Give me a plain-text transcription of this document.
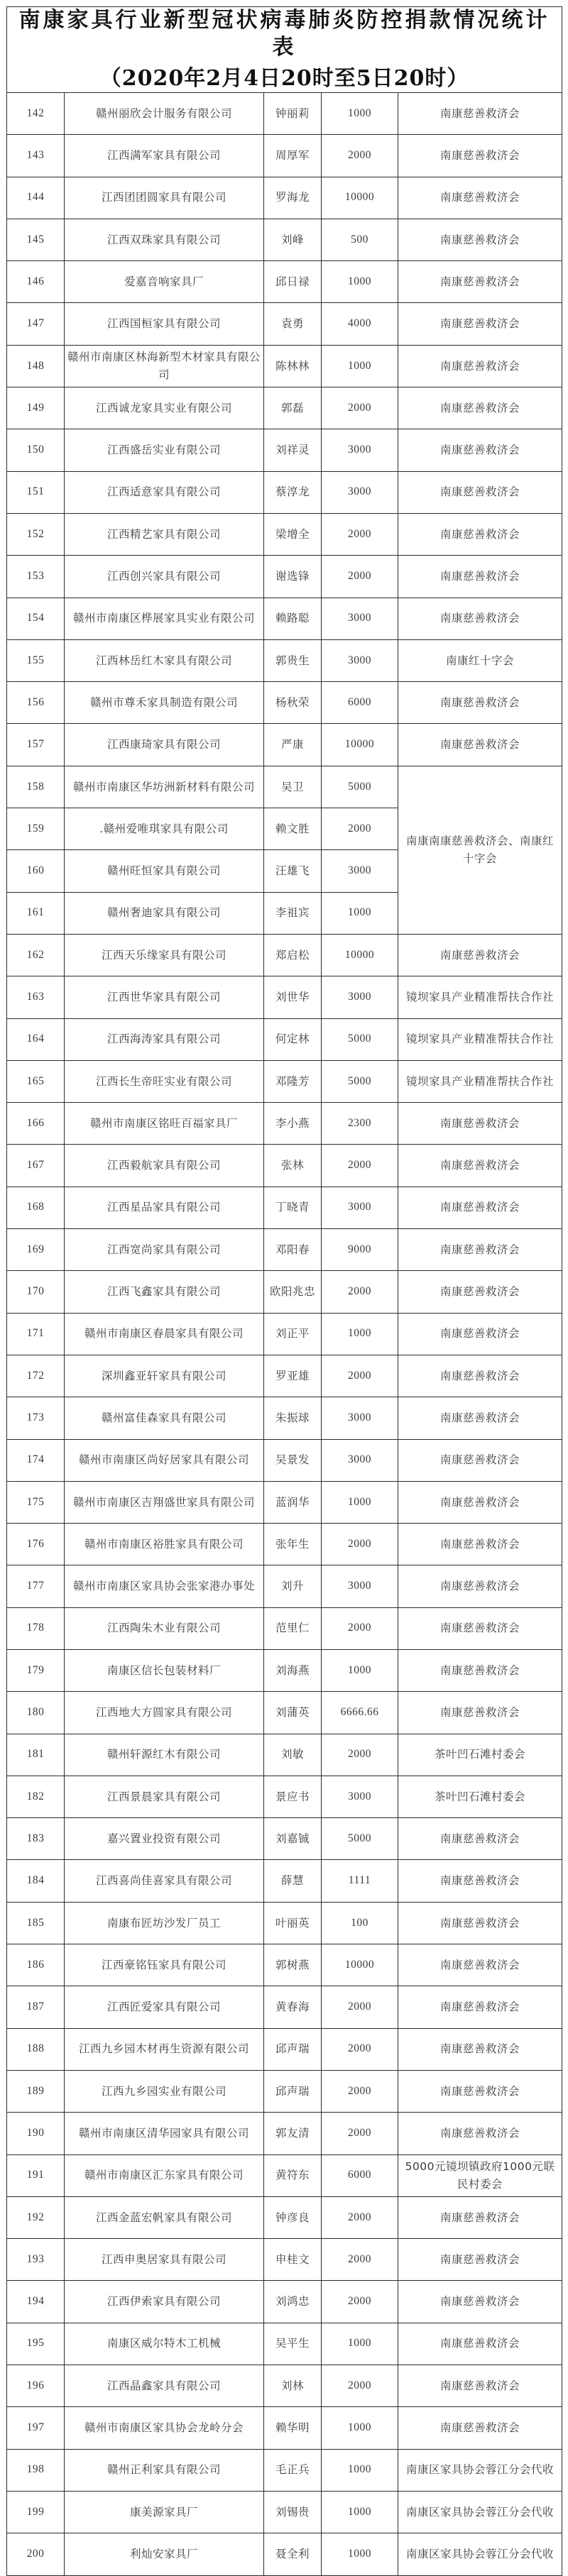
南康家具行业新型冠状病毒肺炎防控捐款情况统计表
（2020年2月4日20时至5日20时）				

142	赣州丽欣会计服务有限公司	钟丽莉	1000	南康慈善救济会
143	江西满军家具有限公司	周厚军	2000	南康慈善救济会
144	江西团团圆家具有限公司	罗海龙	10000	南康慈善救济会
145	江西双珠家具有限公司	刘峰	500	南康慈善救济会
146	爱嘉音响家具厂	邱日禄	1000	南康慈善救济会
147	江西国桓家具有限公司	袁勇	4000	南康慈善救济会
148	赣州市南康区林海新型木材家具有限公司	陈林林	1000	南康慈善救济会
149	江西诚龙家具实业有限公司	郭磊	2000	南康慈善救济会
150	江西盛岳实业有限公司	刘祥灵	3000	南康慈善救济会
151	江西适意家具有限公司	蔡淳龙	3000	南康慈善救济会
152	江西精艺家具有限公司	梁增全	2000	南康慈善救济会
153	江西创兴家具有限公司	谢选锋	2000	南康慈善救济会
154	赣州市南康区桦展家具实业有限公司	赖路聪	3000	南康慈善救济会
155	江西林岳红木家具有限公司	郭贵生	3000	南康红十字会
156	赣州市尊禾家具制造有限公司	杨秋荣	6000	南康慈善救济会
157	江西康琦家具有限公司	严康	10000	南康慈善救济会
158	赣州市南康区华坊洲新材料有限公司	吴卫	5000	南康南康慈善救济会、南康红十字会
159	.赣州爱唯琪家具有限公司	赖文胜	2000	
160	赣州旺恒家具有限公司	汪雄飞	3000	
161	赣州奢迪家具有限公司	李祖宾	1000	
162	江西天乐缘家具有限公司	郑启松	10000	南康慈善救济会
163	江西世华家具有限公司	刘世华	3000	镜坝家具产业精准帮扶合作社
164	江西海涛家具有限公司	何定林	5000	镜坝家具产业精准帮扶合作社
165	江西长生帝旺实业有限公司	邓隆芳	5000	镜坝家具产业精准帮扶合作社
166	赣州市南康区铭旺百福家具厂	李小燕	2300	南康慈善救济会
167	江西毅航家具有限公司	张林	2000	南康慈善救济会
168	江西星品家具有限公司	丁晓青	3000	南康慈善救济会
169	江西宽尚家具有限公司	邓阳春	9000	南康慈善救济会
170	江西飞鑫家具有限公司	欧阳兆忠	2000	南康慈善救济会
171	赣州市南康区春晨家具有限公司	刘正平	1000	南康慈善救济会
172	深圳鑫亚轩家具有限公司	罗亚雄	2000	南康慈善救济会
173	赣州富佳森家具有限公司	朱振球	3000	南康慈善救济会
174	赣州市南康区尚好居家具有限公司	吴景发	3000	南康慈善救济会
175	赣州市南康区吉翔盛世家具有限公司	蓝润华	1000	南康慈善救济会
176	赣州市南康区裕胜家具有限公司	张年生	2000	南康慈善救济会
177	赣州市南康区家具协会张家港办事处	刘升	3000	南康慈善救济会
178	江西陶朱木业有限公司	范里仁	2000	南康慈善救济会
179	南康区信长包装材料厂	刘海燕	1000	南康慈善救济会
180	江西地大方圆家具有限公司	刘蒲英	6666.66	南康慈善救济会
181	赣州轩源红木有限公司	刘敏	2000	茶叶凹石滩村委会
182	江西景晨家具有限公司	景应书	3000	茶叶凹石滩村委会
183	嘉兴置业投资有限公司	刘嘉铖	5000	南康慈善救济会
184	江西喜尚佳喜家具有限公司	薛慧	1111	南康慈善救济会
185	南康布匠坊沙发厂员工	叶丽英	100	南康慈善救济会
186	江西豪铭钰家具有限公司	郭树燕	10000	南康慈善救济会
187	江西匠爱家具有限公司	黄春海	2000	南康慈善救济会
188	江西九乡园木材再生资源有限公司	邱声瑞	2000	南康慈善救济会
189	江西九乡园实业有限公司	邱声瑞	2000	南康慈善救济会
190	赣州市南康区清华园家具有限公司	郭友清	2000	南康慈善救济会
191	赣州市南康区汇东家具有限公司	黄符东	6000	5000元镜坝镇政府1000元联民村委会
192	江西金蓝宏帆家具有限公司	钟彦良	2000	南康慈善救济会
193	江西申奥居家具有限公司	申桂文	2000	南康慈善救济会
194	江西伊索家具有限公司	刘鸿忠	2000	南康慈善救济会
195	南康区威尔特木工机械	吴平生	1000	南康慈善救济会
196	江西晶鑫家具有限公司	刘林	2000	南康慈善救济会
197	赣州市南康区家具协会龙岭分会	赖华明	1000	南康慈善救济会
198	赣州正利家具有限公司	毛正兵	1000	南康区家具协会蓉江分会代收
199	康美源家具厂	刘锡贵	1000	南康区家具协会蓉江分会代收
200	利灿安家具厂	聂全利	1000	南康区家具协会蓉江分会代收
